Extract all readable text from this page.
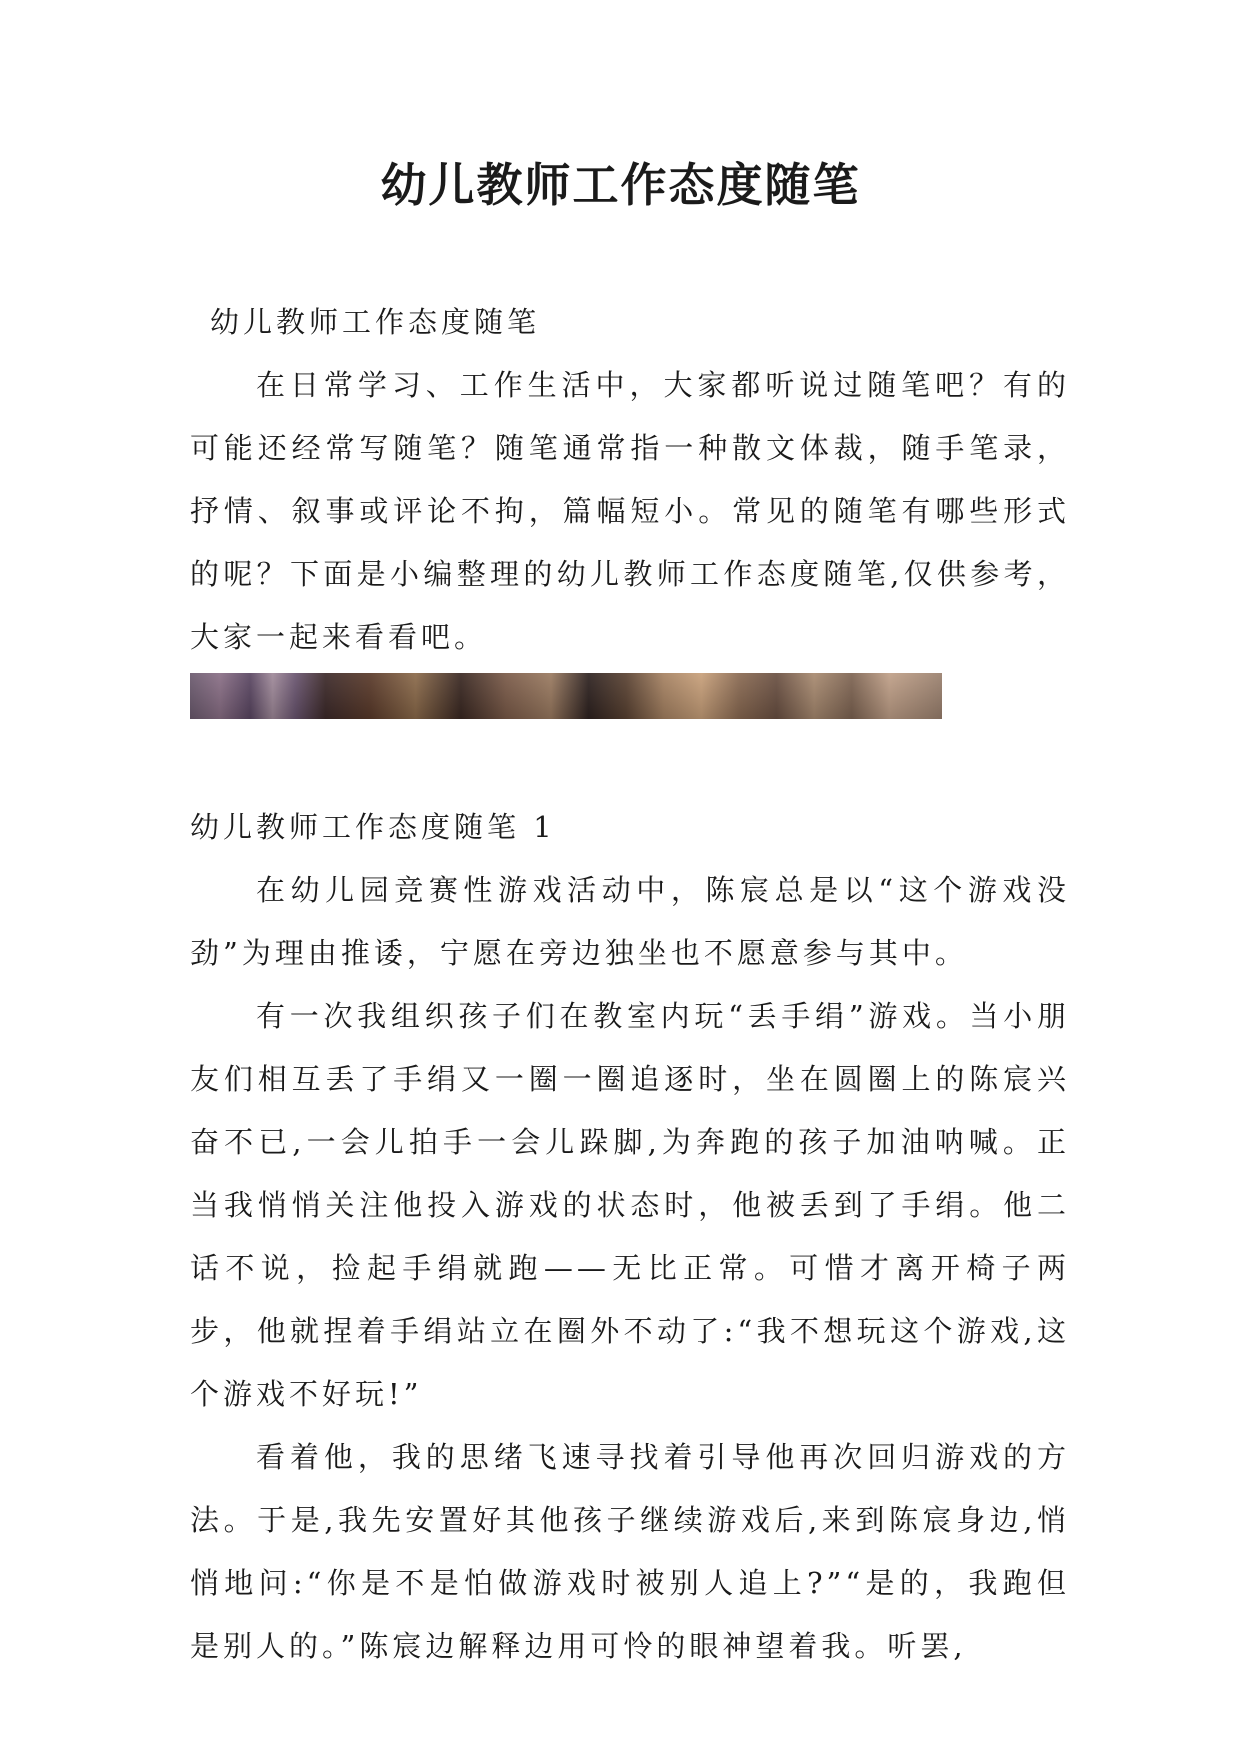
幼儿教师工作态度随笔

幼儿教师工作态度随笔

在日常学习、工作生活中，大家都听说过随笔吧？有的可能还经常写随笔？随笔通常指一种散文体裁，随手笔录，抒情、叙事或评论不拘，篇幅短小。常见的随笔有哪些形式的呢？下面是小编整理的幼儿教师工作态度随笔,仅供参考，大家一起来看看吧。

幼儿教师工作态度随笔 1

在幼儿园竞赛性游戏活动中，陈宸总是以“这个游戏没劲”为理由推诿，宁愿在旁边独坐也不愿意参与其中。

有一次我组织孩子们在教室内玩“丢手绢”游戏。当小朋友们相互丢了手绢又一圈一圈追逐时，坐在圆圈上的陈宸兴奋不已,一会儿拍手一会儿跺脚,为奔跑的孩子加油呐喊。正当我悄悄关注他投入游戏的状态时，他被丢到了手绢。他二话不说，捡起手绢就跑——无比正常。可惜才离开椅子两步，他就捏着手绢站立在圈外不动了:“我不想玩这个游戏,这个游戏不好玩!”

看着他，我的思绪飞速寻找着引导他再次回归游戏的方法。于是,我先安置好其他孩子继续游戏后,来到陈宸身边,悄悄地问:“你是不是怕做游戏时被别人追上?”“是的，我跑但是别人的。”陈宸边解释边用可怜的眼神望着我。听罢,
